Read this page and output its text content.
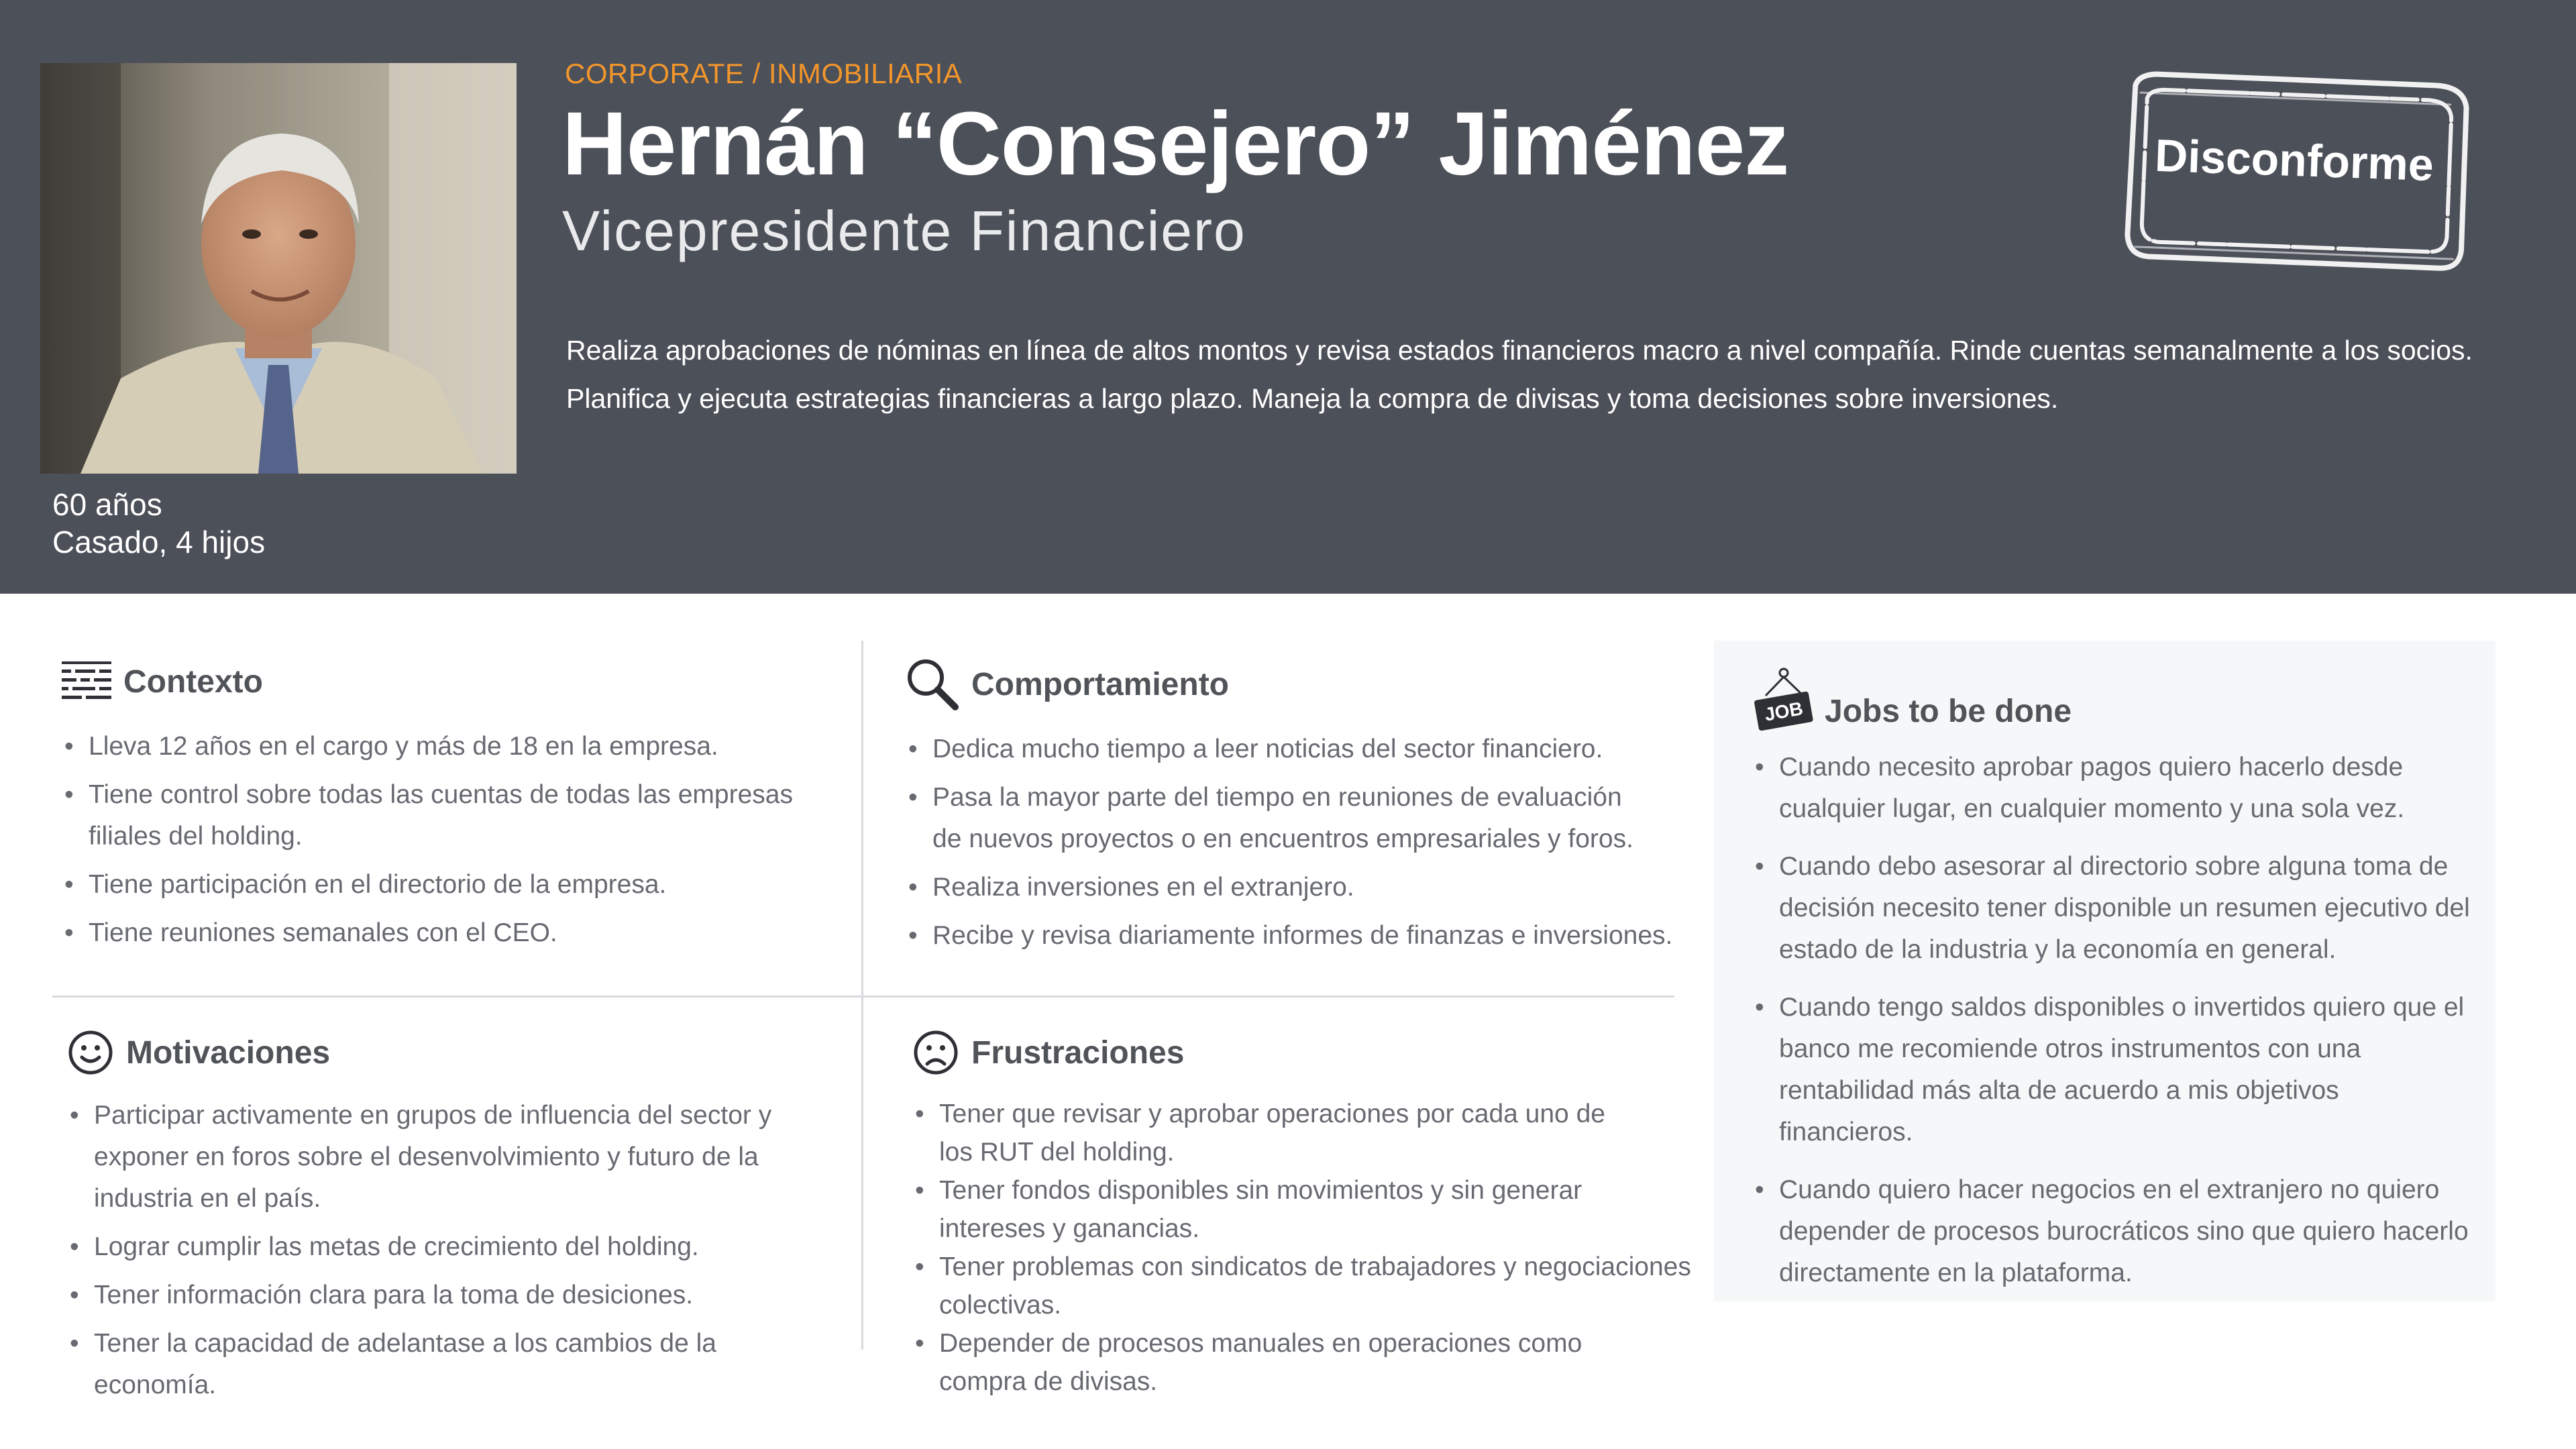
60 años
Casado, 4 hijos
CORPORATE / INMOBILIARIA
Hernán “Consejero” Jiménez
Vicepresidente Financiero
Realiza aprobaciones de nóminas en línea de altos montos y revisa estados financieros macro a nivel compañía. Rinde cuentas semanalmente a los socios.
Planifica y ejecuta estrategias financieras a largo plazo. Maneja la compra de divisas y toma decisiones sobre inversiones.
Disconforme
Contexto
• Lleva 12 años en el cargo y más de 18 en la empresa.
• Tiene control sobre todas las cuentas de todas las empresas filiales del holding.
• Tiene participación en el directorio de la empresa.
• Tiene reuniones semanales con el CEO.
Comportamiento
• Dedica mucho tiempo a leer noticias del sector financiero.
• Pasa la mayor parte del tiempo en reuniones de evaluación de nuevos proyectos o en encuentros empresariales y foros.
• Realiza inversiones en el extranjero.
• Recibe y revisa diariamente informes de finanzas e inversiones.
Motivaciones
• Participar activamente en grupos de influencia del sector y exponer en foros sobre el desenvolvimiento y futuro de la industria en el país.
• Lograr cumplir las metas de crecimiento del holding.
• Tener información clara para la toma de desiciones.
• Tener la capacidad de adelantase a los cambios de la economía.
Frustraciones
• Tener que revisar y aprobar operaciones por cada uno de los RUT del holding.
• Tener fondos disponibles sin movimientos y sin generar intereses y ganancias.
• Tener problemas con sindicatos de trabajadores y negociaciones colectivas.
• Depender de procesos manuales en operaciones como compra de divisas.
JOB Jobs to be done
• Cuando necesito aprobar pagos quiero hacerlo desde cualquier lugar, en cualquier momento y una sola vez.
• Cuando debo asesorar al directorio sobre alguna toma de decisión necesito tener disponible un resumen ejecutivo del estado de la industria y la economía en general.
• Cuando tengo saldos disponibles o invertidos quiero que el banco me recomiende otros instrumentos con una rentabilidad más alta de acuerdo a mis objetivos financieros.
• Cuando quiero hacer negocios en el extranjero no quiero depender de procesos burocráticos sino que quiero hacerlo directamente en la plataforma.
